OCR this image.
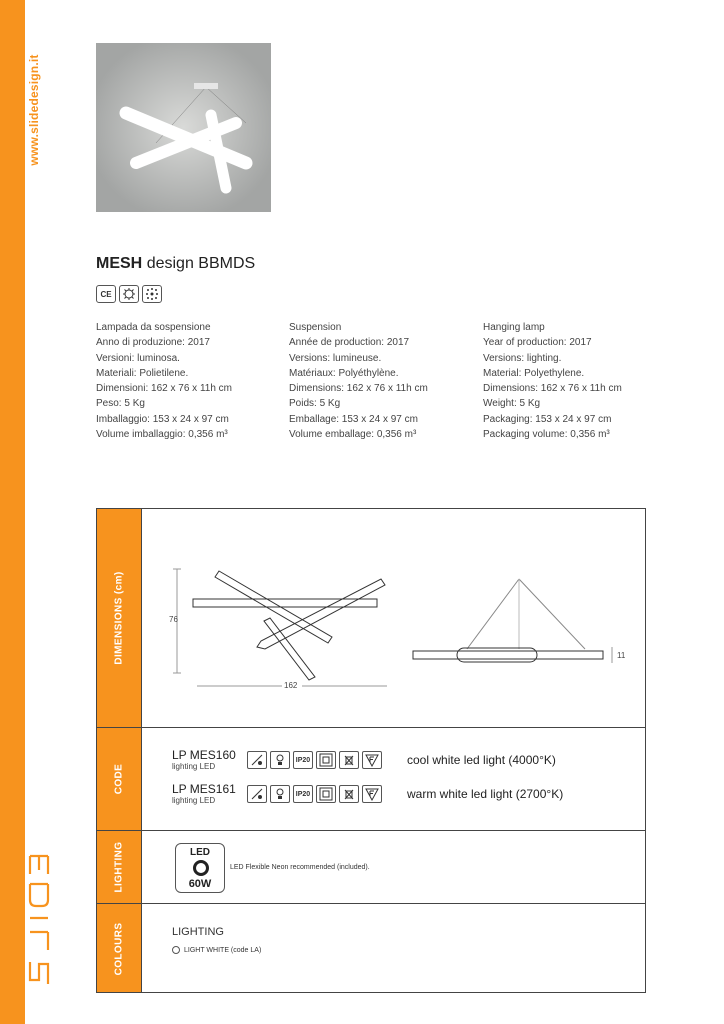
www.slidedesign.it
MESH design BBMDS
CE
Lampada da sospensione
Anno di produzione: 2017
Versioni: luminosa.
Materiali: Polietilene.
Dimensioni: 162 x 76 x 11h cm
Peso: 5 Kg
Imballaggio: 153 x 24 x 97 cm
Volume imballaggio: 0,356 m³
Suspension
Année de production: 2017
Versions: lumineuse.
Matériaux: Polyéthylène.
Dimensions: 162 x 76 x 11h cm
Poids: 5 Kg
Emballage: 153 x 24 x 97 cm
Volume emballage: 0,356 m³
Hanging lamp
Year of production: 2017
Versions: lighting.
Material: Polyethylene.
Dimensions: 162 x 76 x 11h cm
Weight: 5 Kg
Packaging: 153 x 24 x 97 cm
Packaging volume: 0,356 m³
DIMENSIONS (cm)
CODE
LIGHTING
COLOURS
76
162
11
LP MES160
lighting LED
IP20	cool white led light (4000°K)
LP MES161
lighting LED
IP20	warm white led light (2700°K)
LED
60W
LED Flexible Neon recommended (included).
LIGHTING
LIGHT WHITE (code LA)
